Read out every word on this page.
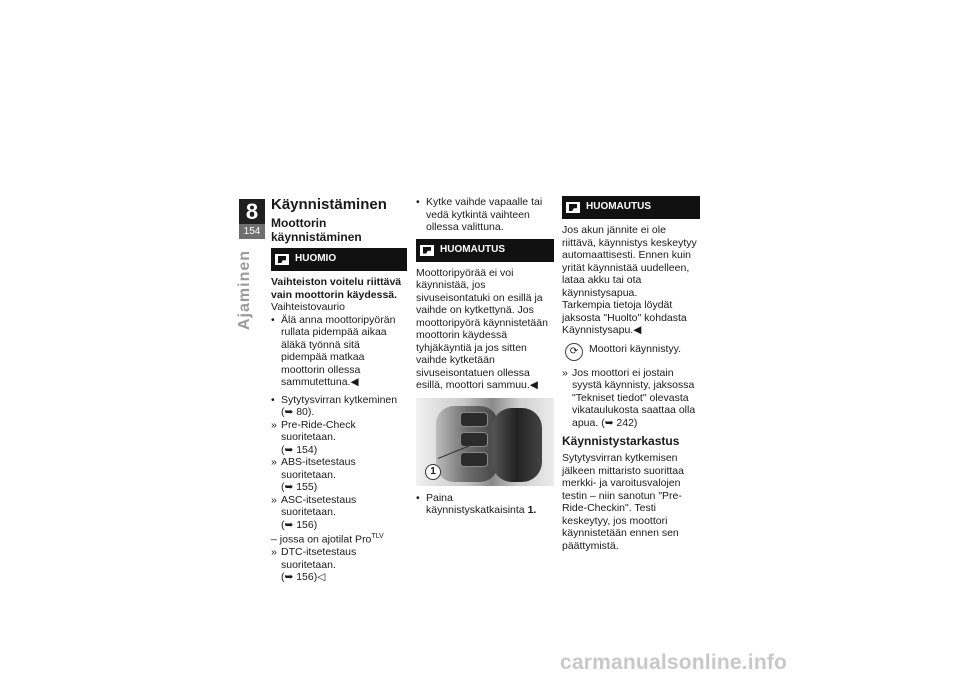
8
154
Ajaminen
Käynnistäminen
Moottorin käynnistäminen
HUOMIO

Vaihteiston voitelu riittävä vain moottorin käydessä.

Vaihteistovaurio

• Älä anna moottoripyörän rullata pidempää aikaa äläkä työnnä sitä pidempää matkaa moottorin ollessa sammutettuna.◀
• Sytytysvirran kytkeminen
(➥ 80).
» Pre-Ride-Check suoritetaan.
(➥ 154)
» ABS-itsetestaus suoritetaan.
(➥ 155)
» ASC-itsetestaus suoritetaan.
(➥ 156)
– jossa on ajotilat Pro$^{TLV}$
» DTC-itsetestaus suoritetaan.
(➥ 156)◁
• Kytke vaihde vapaalle tai vedä kytkintä vaihteen ollessa valittuna.
HUOMAUTUS

Moottoripyörää ei voi käynnistää, jos sivuseisontatuki on esillä ja vaihde on kytkettynä. Jos moottoripyörä käynnistetään moottorin käydessä tyhjäkäyntiä ja jos sitten vaihde kytketään sivuseisontatuen ollessa esillä, moottori sammuu.◀

1
• Paina käynnistyskatkaisinta 1.
HUOMAUTUS

Jos akun jännite ei ole riittävä, käynnistys keskeytyy automaattisesti. Ennen kuin yrität käynnistää uudelleen, lataa akku tai ota käynnistysapua.

Tarkempia tietoja löydät jaksosta "Huolto" kohdasta Käynnistysapu.◀

⟳	Moottori käynnistyy.
» Jos moottori ei jostain syystä käynnisty, jaksossa "Tekniset tiedot" olevasta vikataulukosta saattaa olla apua. (➥ 242)
Käynnistystarkastus

Sytytysvirran kytkemisen jälkeen mittaristo suorittaa merkki- ja varoitusvalojen testin – niin sanotun "Pre-Ride-Checkin". Testi keskeytyy, jos moottori käynnistetään ennen sen päättymistä.

carmanualsonline.info
